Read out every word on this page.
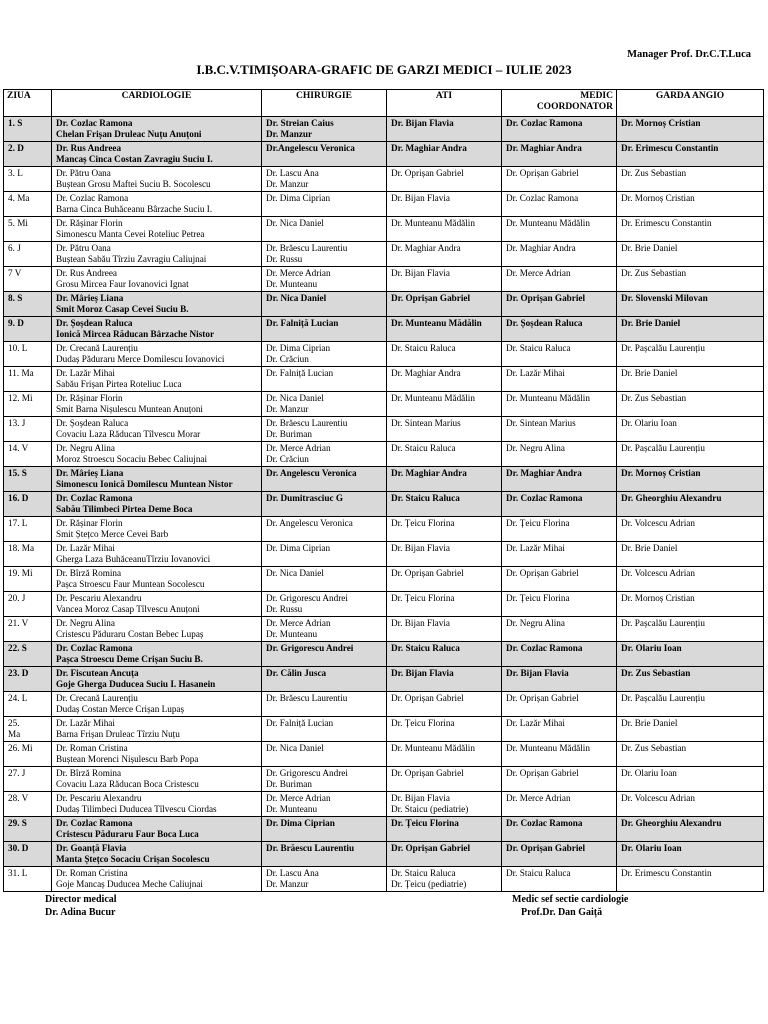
Manager Prof. Dr.C.T.Luca
I.B.C.V.TIMIȘOARA-GRAFIC DE GARZI MEDICI – IULIE 2023
ZIUA	CARDIOLOGIE	CHIRURGIE	ATI	MEDIC COORDONATOR	GARDA ANGIO

1. S	Dr. Cozlac Ramona
Chelan Frișan Druleac Nuțu Anuțoni	Dr. Streian Caius
Dr. Manzur	Dr. Bijan Flavia	Dr. Cozlac Ramona	Dr. Mornoș Cristian

2. D	Dr. Rus Andreea
Mancaș Cinca Costan Zavragiu Suciu I.	Dr.Angelescu Veronica	Dr. Maghiar Andra	Dr. Maghiar Andra	Dr. Erimescu Constantin

3. L	Dr. Pătru Oana
Buștean Grosu Maftei Suciu B. Socolescu	Dr. Lascu Ana
Dr. Manzur	Dr. Oprișan Gabriel	Dr. Oprișan Gabriel	Dr. Zus Sebastian

4. Ma	Dr. Cozlac Ramona
Barna Cinca Buhăceanu Bârzache Suciu I.	Dr. Dima Ciprian	Dr. Bijan Flavia	Dr. Cozlac Ramona	Dr. Mornoș Cristian

5. Mi	Dr. Rășinar Florin
Simonescu Manta Cevei Roteliuc Petrea	Dr. Nica Daniel	Dr. Munteanu Mădălin	Dr. Munteanu Mădălin	Dr. Erimescu Constantin

6. J	Dr. Pătru Oana
Buștean Sabău Tîrziu Zavragiu Caliujnai	Dr. Brăescu Laurentiu
Dr. Russu	Dr. Maghiar Andra	Dr. Maghiar Andra	Dr. Brie Daniel

7 V	Dr. Rus Andreea
Grosu Mircea Faur Iovanovici Ignat	Dr. Merce Adrian
Dr. Munteanu	Dr. Bijan Flavia	Dr. Merce Adrian	Dr. Zus Sebastian

8. S	Dr. Mârieș Liana
Smit Moroz Casap Cevei Suciu B.	Dr. Nica Daniel	Dr. Oprișan Gabriel	Dr. Oprișan Gabriel	Dr. Slovenski Milovan

9. D	Dr. Șoșdean Raluca
Ionică Mircea Răducan Bârzache Nistor	Dr. Falniță Lucian	Dr. Munteanu Mădălin	Dr. Șoșdean Raluca	Dr. Brie Daniel

10. L	Dr. Crecană Laurențiu
Dudaș Păduraru Merce Domilescu Iovanovici	Dr. Dima Ciprian
Dr. Crăciun	Dr. Staicu Raluca	Dr. Staicu Raluca	Dr. Pașcalău Laurențiu

11. Ma	Dr. Lazăr Mihai
Sabău Frișan Pirtea Roteliuc Luca	Dr. Falniță Lucian	Dr. Maghiar Andra	Dr. Lazăr Mihai	Dr. Brie Daniel

12. Mi	Dr. Rășinar Florin
Smit Barna Nișulescu Muntean Anuțoni	Dr. Nica Daniel
Dr. Manzur	Dr. Munteanu Mădălin	Dr. Munteanu Mădălin	Dr. Zus Sebastian

13. J	Dr. Șoșdean Raluca
Covaciu Laza Răducan Tîlvescu Morar	Dr. Brăescu Laurentiu
Dr. Buriman	Dr. Sintean Marius	Dr. Sintean Marius	Dr. Olariu Ioan

14. V	Dr. Negru Alina
Moroz Stroescu Socaciu Bebec Caliujnai	Dr. Merce Adrian
Dr. Crăciun	Dr. Staicu Raluca	Dr. Negru Alina	Dr. Pașcalău Laurențiu

15. S	Dr. Mârieș Liana
Simonescu Ionică Domilescu Muntean Nistor	Dr. Angelescu Veronica	Dr. Maghiar Andra	Dr. Maghiar Andra	Dr. Mornoș Cristian

16. D	Dr. Cozlac Ramona
Sabău Tilimbeci Pirtea Deme Boca	Dr. Dumitrasciuc G	Dr. Staicu Raluca	Dr. Cozlac Ramona	Dr. Gheorghiu Alexandru

17. L	Dr. Rășinar Florin
Smit Ștețco Merce Cevei Barb	Dr. Angelescu Veronica	Dr. Țeicu Florina	Dr. Țeicu Florina	Dr. Volcescu Adrian

18. Ma	Dr. Lazăr Mihai
Gherga Laza BuhăceanuTîrziu Iovanovici	Dr. Dima Ciprian	Dr. Bijan Flavia	Dr. Lazăr Mihai	Dr. Brie Daniel

19. Mi	Dr. Bîrză Romina
Pașca Stroescu Faur Muntean Socolescu	Dr. Nica Daniel	Dr. Oprișan Gabriel	Dr. Oprișan Gabriel	Dr. Volcescu Adrian

20. J	Dr. Pescariu Alexandru
Vancea Moroz Casap Tîlvescu Anuțoni	Dr. Grigorescu Andrei
Dr. Russu	Dr. Țeicu Florina	Dr. Țeicu Florina	Dr. Mornoș Cristian

21. V	Dr. Negru Alina
Cristescu Păduraru Costan Bebec Lupaș	Dr. Merce Adrian
Dr. Munteanu	Dr. Bijan Flavia	Dr. Negru Alina	Dr. Pașcalău Laurențiu

22. S	Dr. Cozlac Ramona
Pașca Stroescu Deme Crișan Suciu B.	Dr. Grigorescu Andrei	Dr. Staicu Raluca	Dr. Cozlac Ramona	Dr. Olariu Ioan

23. D	Dr. Fiscutean Ancuța
Goje Gherga Duducea Suciu I. Hasanein	Dr. Călin Jusca	Dr. Bijan Flavia	Dr. Bijan Flavia	Dr. Zus Sebastian

24. L	Dr. Crecană Laurențiu
Dudaș Costan Merce Crișan Lupaș	Dr. Brăescu Laurentiu	Dr. Oprișan Gabriel	Dr. Oprișan Gabriel	Dr. Pașcalău Laurențiu

25.
Ma	Dr. Lazăr Mihai
Barna Frișan Druleac Tîrziu Nuțu	Dr. Falniță Lucian	Dr. Țeicu Florina	Dr. Lazăr Mihai	Dr. Brie Daniel

26. Mi	Dr. Roman Cristina
Buștean Morenci Nișulescu Barb Popa	Dr. Nica Daniel	Dr. Munteanu Mădălin	Dr. Munteanu Mădălin	Dr. Zus Sebastian

27. J	Dr. Bîrză Romina
Covaciu Laza Răducan Boca Cristescu	Dr. Grigorescu Andrei
Dr. Buriman	Dr. Oprișan Gabriel	Dr. Oprișan Gabriel	Dr. Olariu Ioan

28. V	Dr. Pescariu Alexandru
Dudaș Tilimbeci Duducea Tîlvescu Ciordas	Dr. Merce Adrian
Dr. Munteanu	Dr. Bijan Flavia
Dr. Staicu (pediatrie)	Dr. Merce Adrian	Dr. Volcescu Adrian

29. S	Dr. Cozlac Ramona
Cristescu Păduraru Faur Boca Luca	Dr. Dima Ciprian	Dr. Țeicu Florina	Dr. Cozlac Ramona	Dr. Gheorghiu Alexandru

30. D	Dr. Goanță Flavia
Manta Ștețco Socaciu Crișan Socolescu	Dr. Brăescu Laurentiu	Dr. Oprișan Gabriel	Dr. Oprișan Gabriel	Dr. Olariu Ioan

31. L	Dr. Roman Cristina
Goje Mancaș Duducea Meche Caliujnai	Dr. Lascu Ana
Dr. Manzur	Dr. Staicu Raluca
Dr. Țeicu (pediatrie)	Dr. Staicu Raluca	Dr. Erimescu Constantin
Director medical
Dr. Adina Bucur
Medic sef sectie cardiologie
Prof.Dr. Dan Gaiță
